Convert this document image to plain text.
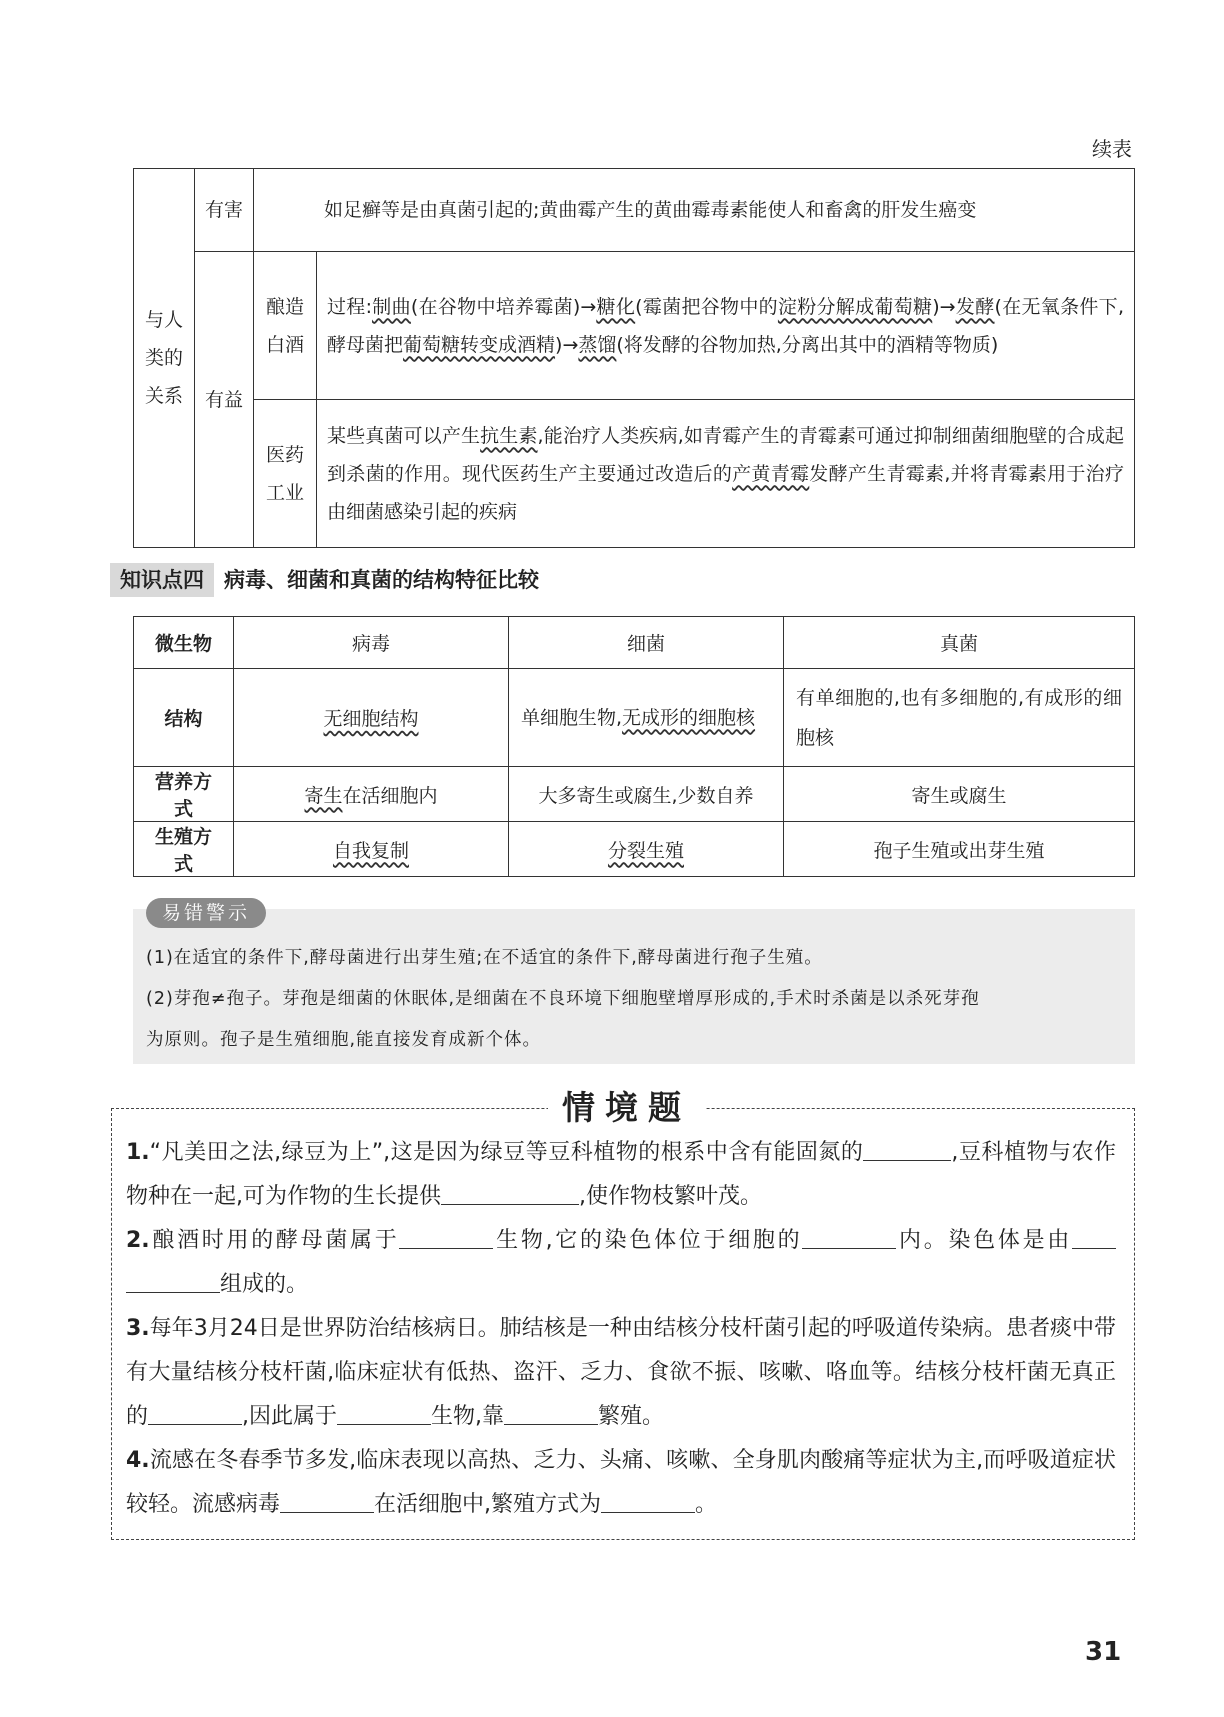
续表
与人类的关系	有害	如足癣等是由真菌引起的;黄曲霉产生的黄曲霉毒素能使人和畜禽的肝发生癌变	
	有益	酿造白酒	过程:制曲(在谷物中培养霉菌)→糖化(霉菌把谷物中的淀粉分解成葡萄糖)→发酵(在无氧条件下,酵母菌把葡萄糖转变成酒精)→蒸馏(将发酵的谷物加热,分离出其中的酒精等物质)
		医药工业	某些真菌可以产生抗生素,能治疗人类疾病,如青霉产生的青霉素可通过抑制细菌细胞壁的合成起到杀菌的作用。现代医药生产主要通过改造后的产黄青霉发酵产生青霉素,并将青霉素用于治疗由细菌感染引起的疾病
知识点四 病毒、细菌和真菌的结构特征比较
微生物	病毒	细菌	真菌
结构	无细胞结构	单细胞生物,无成形的细胞核	有单细胞的,也有多细胞的,有成形的细胞核
营养方式	寄生在活细胞内	大多寄生或腐生,少数自养	寄生或腐生
生殖方式	自我复制	分裂生殖	孢子生殖或出芽生殖
易错警示
(1)在适宜的条件下,酵母菌进行出芽生殖;在不适宜的条件下,酵母菌进行孢子生殖。
(2)芽孢≠孢子。芽孢是细菌的休眠体,是细菌在不良环境下细胞壁增厚形成的,手术时杀菌是以杀死芽孢
为原则。孢子是生殖细胞,能直接发育成新个体。
情境题
1.“凡美田之法,绿豆为上”,这是因为绿豆等豆科植物的根系中含有能固氮的	,豆科植物与农作物种在一起,可为作物的生长提供	,使作物枝繁叶茂。
2.酿酒时用的酵母菌属于	生物,它的染色体位于细胞的	内。染色体是由组成的。
3.每年3月24日是世界防治结核病日。肺结核是一种由结核分枝杆菌引起的呼吸道传染病。患者痰中带有大量结核分枝杆菌,临床症状有低热、盗汗、乏力、食欲不振、咳嗽、咯血等。结核分枝杆菌无真正的	,因此属于	生物,靠	繁殖。
4.流感在冬春季节多发,临床表现以高热、乏力、头痛、咳嗽、全身肌肉酸痛等症状为主,而呼吸道症状较轻。流感病毒	在活细胞中,繁殖方式为	。
31
